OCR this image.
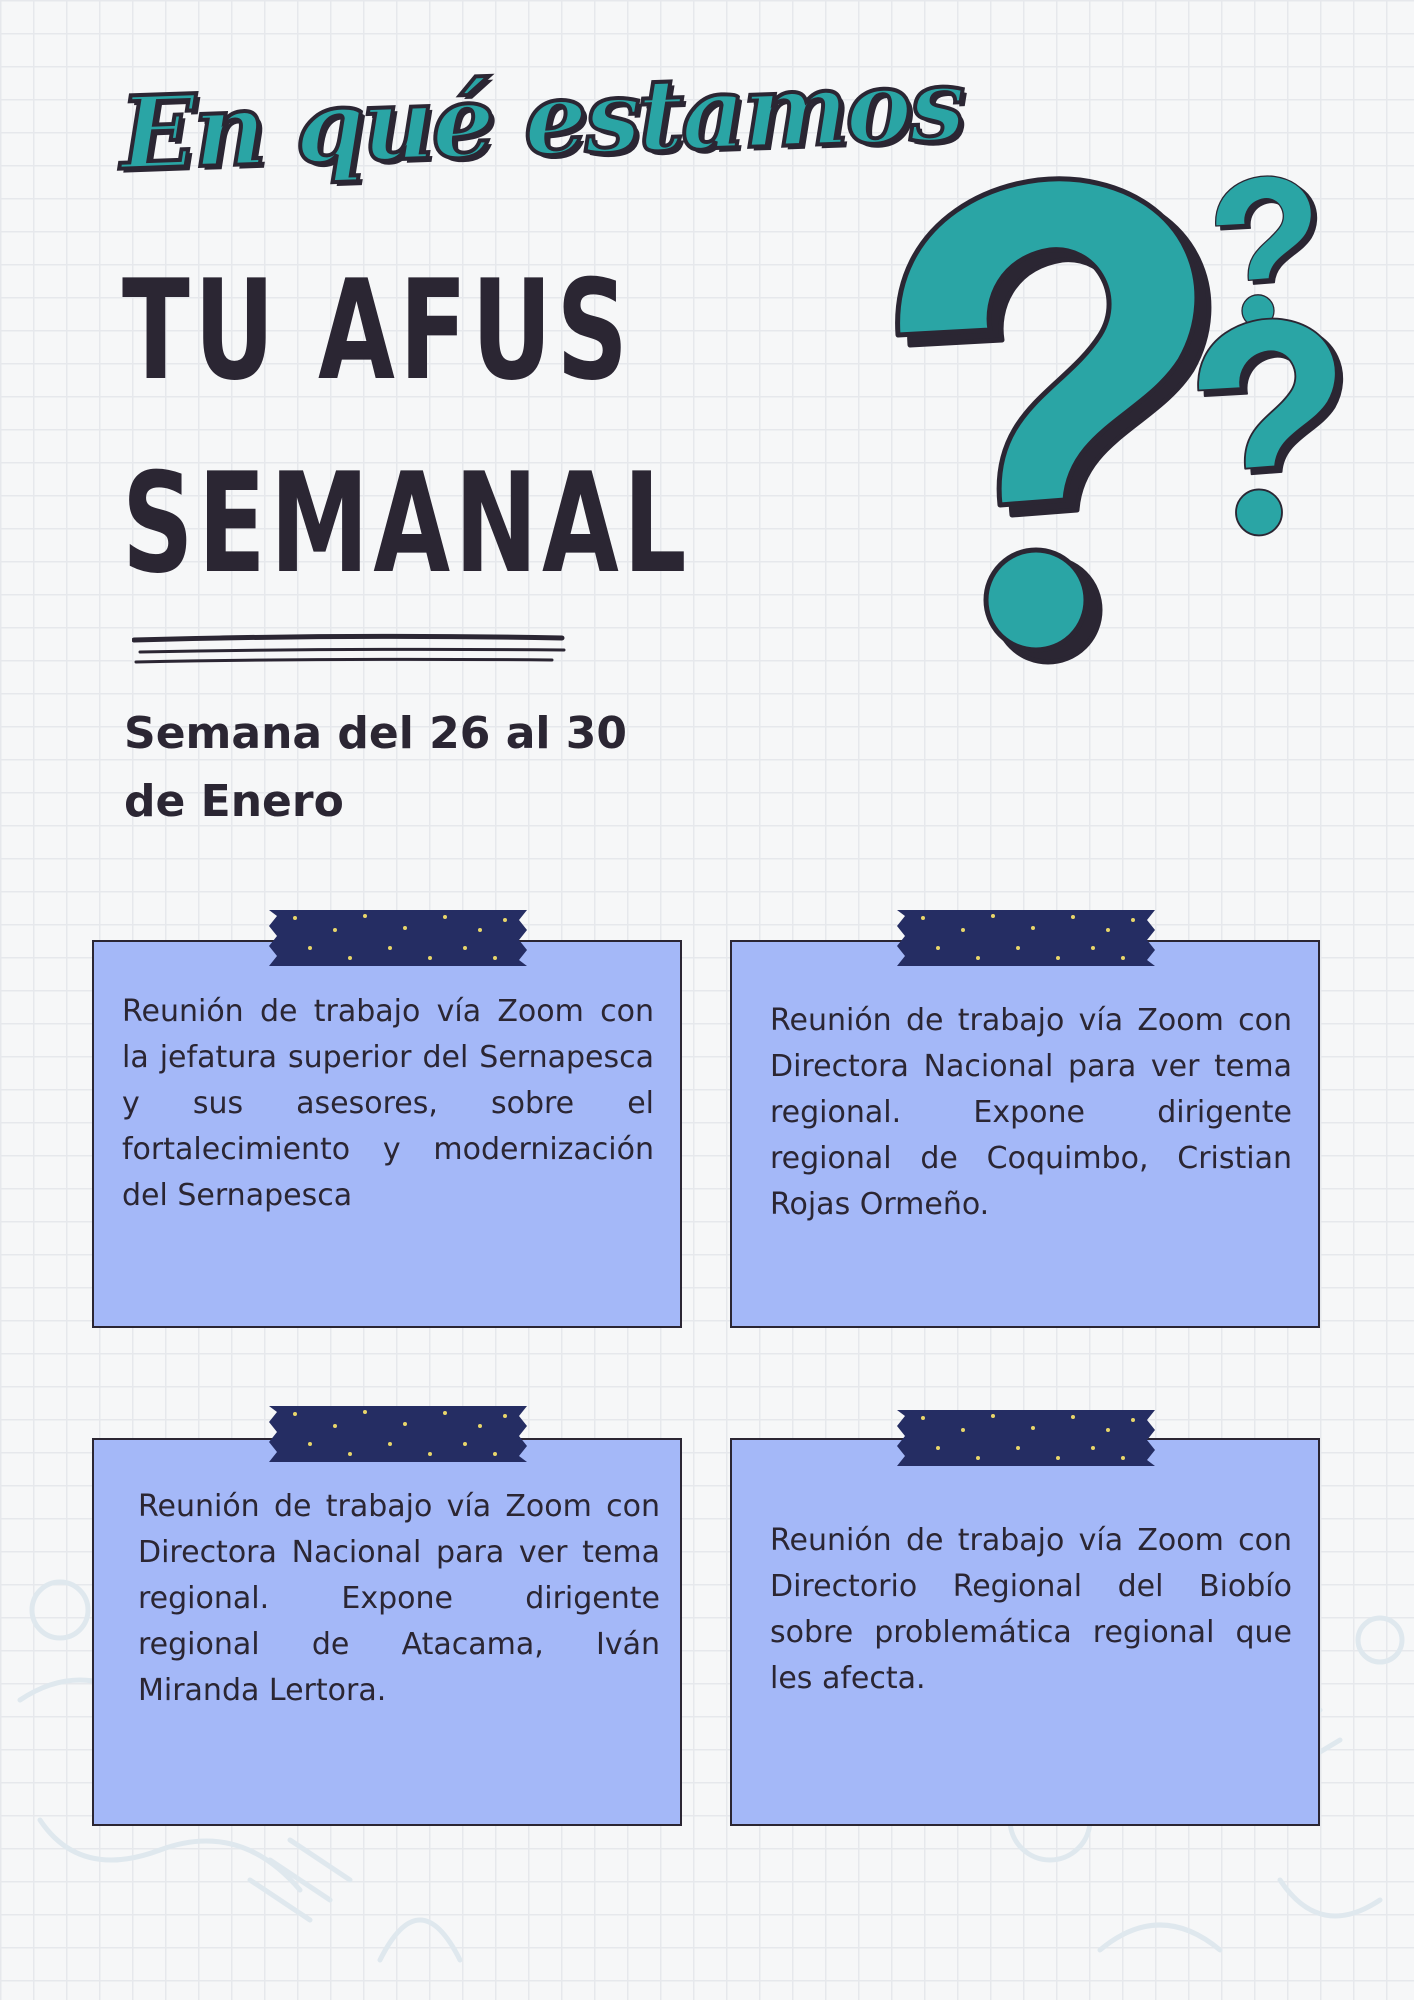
En qué estamos
TU AFUS
SEMANAL
Semana del 26 al 30 de Enero
Reunión de trabajo vía Zoom con la jefatura superior del Sernapesca y sus asesores, sobre el fortalecimiento y modernización del Sernapesca
Reunión de trabajo vía Zoom con Directora Nacional para ver tema regional. Expone dirigente regional de Coquimbo, Cristian Rojas Ormeño.
Reunión de trabajo vía Zoom con Directora Nacional para ver tema regional. Expone dirigente regional de Atacama, Iván Miranda Lertora.
Reunión de trabajo vía Zoom con Directorio Regional del Biobío sobre problemática regional que les afecta.
